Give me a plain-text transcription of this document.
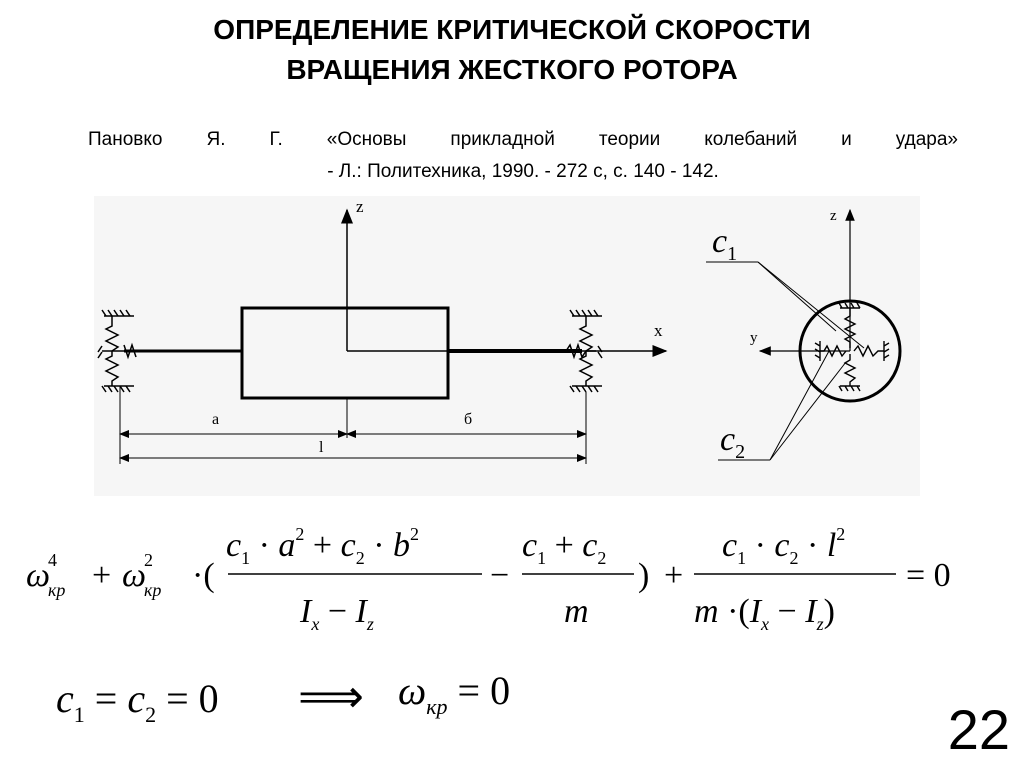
ОПРЕДЕЛЕНИЕ КРИТИЧЕСКОЙ СКОРОСТИ
ВРАЩЕНИЯ ЖЕСТКОГО РОТОРА
Пановко Я. Г. «Основы прикладной теории колебаний и удара»
- Л.: Политехника, 1990. - 272 с, с. 140 - 142.
z
x
a	б
l
z
y
$c_1$
$c_2$
ω4 кр + ω2 кр ·(
$c_1 \cdot a^2 + c_2 \cdot b^2$
$I_x - I_z$
−
$c_1 + c_2$
m
) +
$c_1 \cdot c_2 \cdot l^2$
$m \cdot(I_x - I_z)$
= 0
$c_1 = c_2 = 0$ ⟹ $\omega_{кр} = 0$
22
